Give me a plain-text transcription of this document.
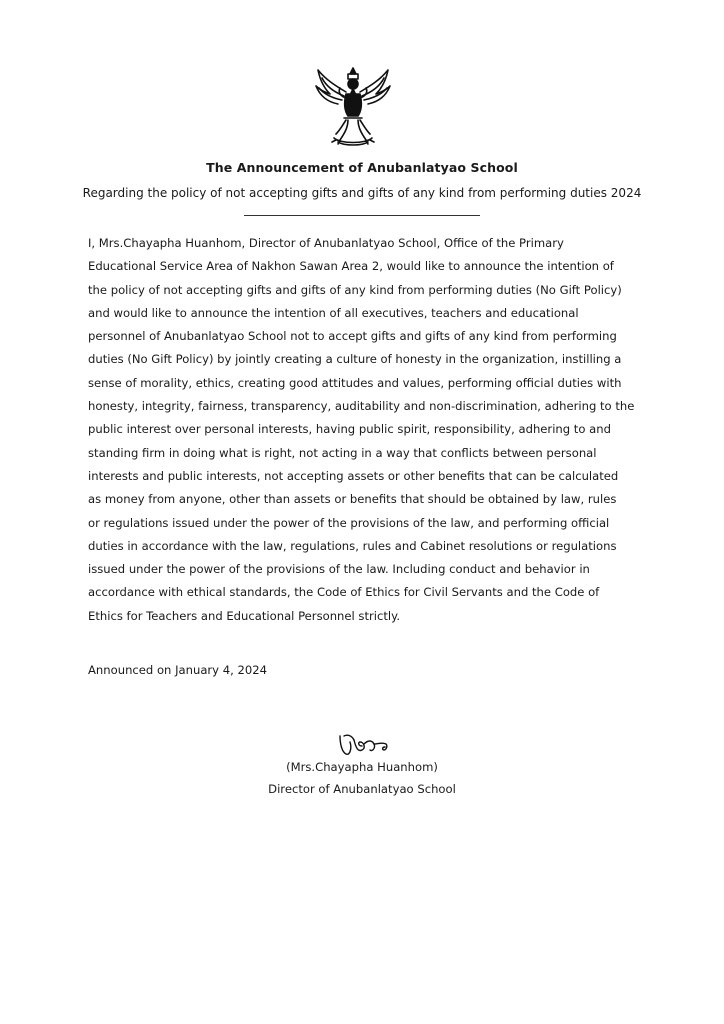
The Announcement of Anubanlatyao School
Regarding the policy of not accepting gifts and gifts of any kind from performing duties 2024
I, Mrs.Chayapha Huanhom, Director of Anubanlatyao School, Office of the Primary
Educational Service Area of Nakhon Sawan Area 2, would like to announce the intention of
the policy of not accepting gifts and gifts of any kind from performing duties (No Gift Policy)
and would like to announce the intention of all executives, teachers and educational
personnel of Anubanlatyao School not to accept gifts and gifts of any kind from performing
duties (No Gift Policy) by jointly creating a culture of honesty in the organization, instilling a
sense of morality, ethics, creating good attitudes and values, performing official duties with
honesty, integrity, fairness, transparency, auditability and non-discrimination, adhering to the
public interest over personal interests, having public spirit, responsibility, adhering to and
standing firm in doing what is right, not acting in a way that conflicts between personal
interests and public interests, not accepting assets or other benefits that can be calculated
as money from anyone, other than assets or benefits that should be obtained by law, rules
or regulations issued under the power of the provisions of the law, and performing official
duties in accordance with the law, regulations, rules and Cabinet resolutions or regulations
issued under the power of the provisions of the law. Including conduct and behavior in
accordance with ethical standards, the Code of Ethics for Civil Servants and the Code of
Ethics for Teachers and Educational Personnel strictly.
Announced on January 4, 2024
(Mrs.Chayapha Huanhom)
Director of Anubanlatyao School
